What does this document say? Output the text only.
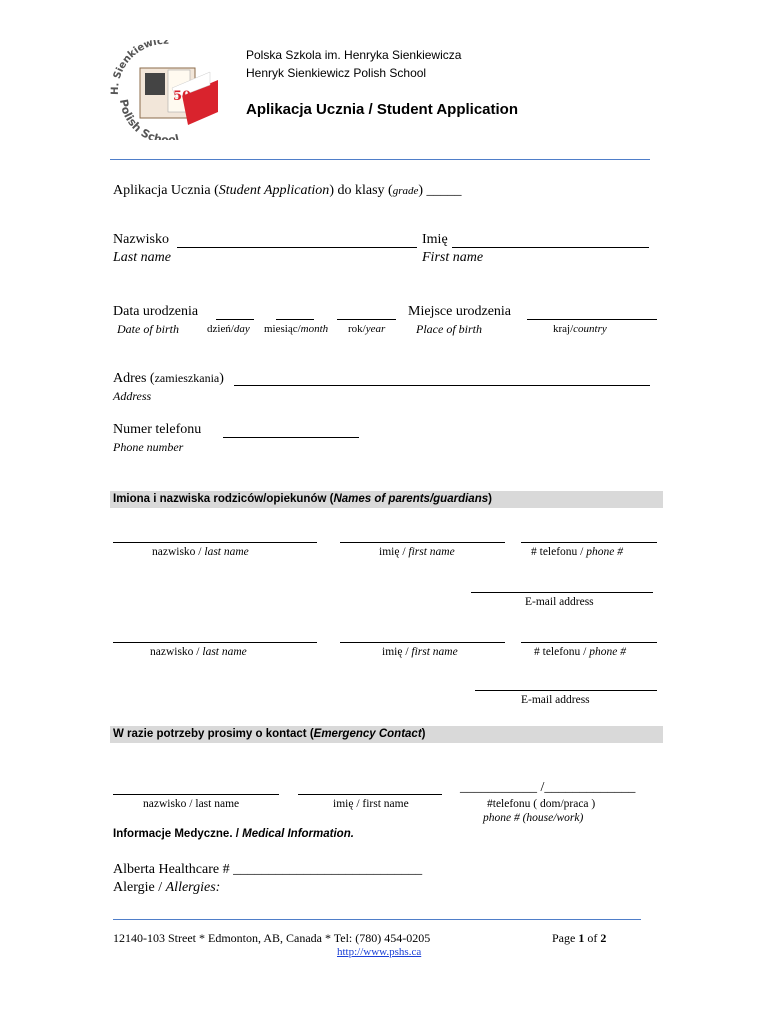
H. Sienkiewicz
Polish School
50
Polska Szkola im. Henryka Sienkiewicza
Henryk Sienkiewicz Polish School
Aplikacja Ucznia / Student Application
Aplikacja Ucznia (Student Application) do klasy (grade) _____
Nazwisko	Imię
Last name	First name
Data urodzenia	Miejsce urodzenia
Date of birth	dzień/day miesiąc/month rok/year	Place of birth	kraj/country
Adres (zamieszkania)
Address
Numer telefonu
Phone number
Imiona i nazwiska rodziców/opiekunów (Names of parents/guardians)
nazwisko / last name	imię / first name	# telefonu / phone #
E-mail address
nazwisko / last name	imię / first name	# telefonu / phone #
E-mail address
W razie potrzeby prosimy o kontact (Emergency Contact)
___________ /_____________
nazwisko / last name	imię / first name	#telefonu ( dom/praca )
phone # (house/work)
Informacje Medyczne. / Medical Information.
Alberta Healthcare # ___________________________
Alergie / Allergies:
12140-103 Street * Edmonton, AB, Canada * Tel: (780) 454-0205
http://www.pshs.ca
Page 1 of 2
